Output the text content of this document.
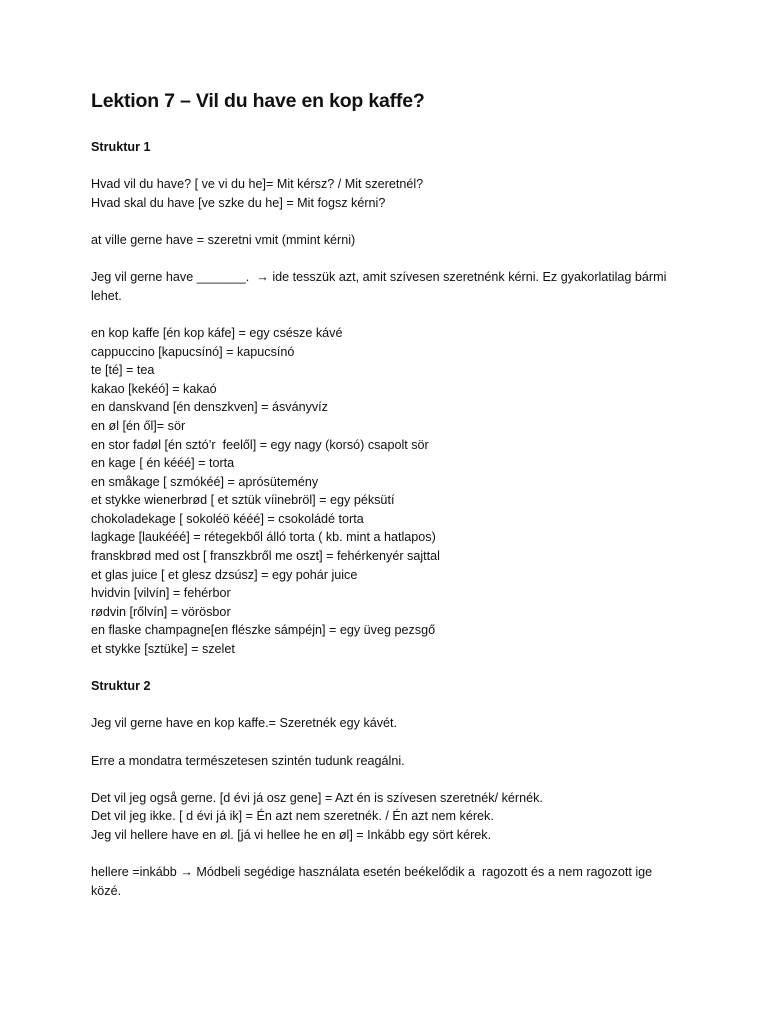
Lektion 7 – Vil du have en kop kaffe?

Struktur 1

Hvad vil du have? [ ve vi du he]= Mit kérsz? / Mit szeretnél?

Hvad skal du have [ve szke du he] = Mit fogsz kérni?

at ville gerne have = szeretni vmit (mmint kérni)

Jeg vil gerne have _______.  → ide tesszük azt, amit szívesen szeretnénk kérni. Ez gyakorlatilag bármi

lehet.

en kop kaffe [én kop káfe] = egy csésze kávé

cappuccino [kapucsínó] = kapucsínó

te [té] = tea

kakao [kekéó] = kakaó

en danskvand [én denszkven] = ásványvíz

en øl [én ől]= sör

en stor fadøl [én sztó’r  feelől] = egy nagy (korsó) csapolt sör

en kage [ én kééé] = torta

en småkage [ szmókéé] = aprósütemény

et stykke wienerbrød [ et sztük víinebröl] = egy péksütí

chokoladekage [ sokoléö kééé] = csokoládé torta

lagkage [laukééé] = rétegekből álló torta ( kb. mint a hatlapos)

franskbrød med ost [ franszkbről me oszt] = fehérkenyér sajttal

et glas juice [ et glesz dzsúsz] = egy pohár juice

hvidvin [vilvín] = fehérbor

rødvin [rőlvín] = vörösbor

en flaske champagne[en flészke sámpéjn] = egy üveg pezsgő

et stykke [sztüke] = szelet

Struktur 2

Jeg vil gerne have en kop kaffe.= Szeretnék egy kávét.

Erre a mondatra természetesen szintén tudunk reagálni.

Det vil jeg også gerne. [d évi já osz gene] = Azt én is szívesen szeretnék/ kérnék.

Det vil jeg ikke. [ d évi já ik] = Én azt nem szeretnék. / Én azt nem kérek.

Jeg vil hellere have en øl. [já vi hellee he en øl] = Inkább egy sört kérek.

hellere =inkább → Módbeli segédige használata esetén beékelődik a  ragozott és a nem ragozott ige

közé.
